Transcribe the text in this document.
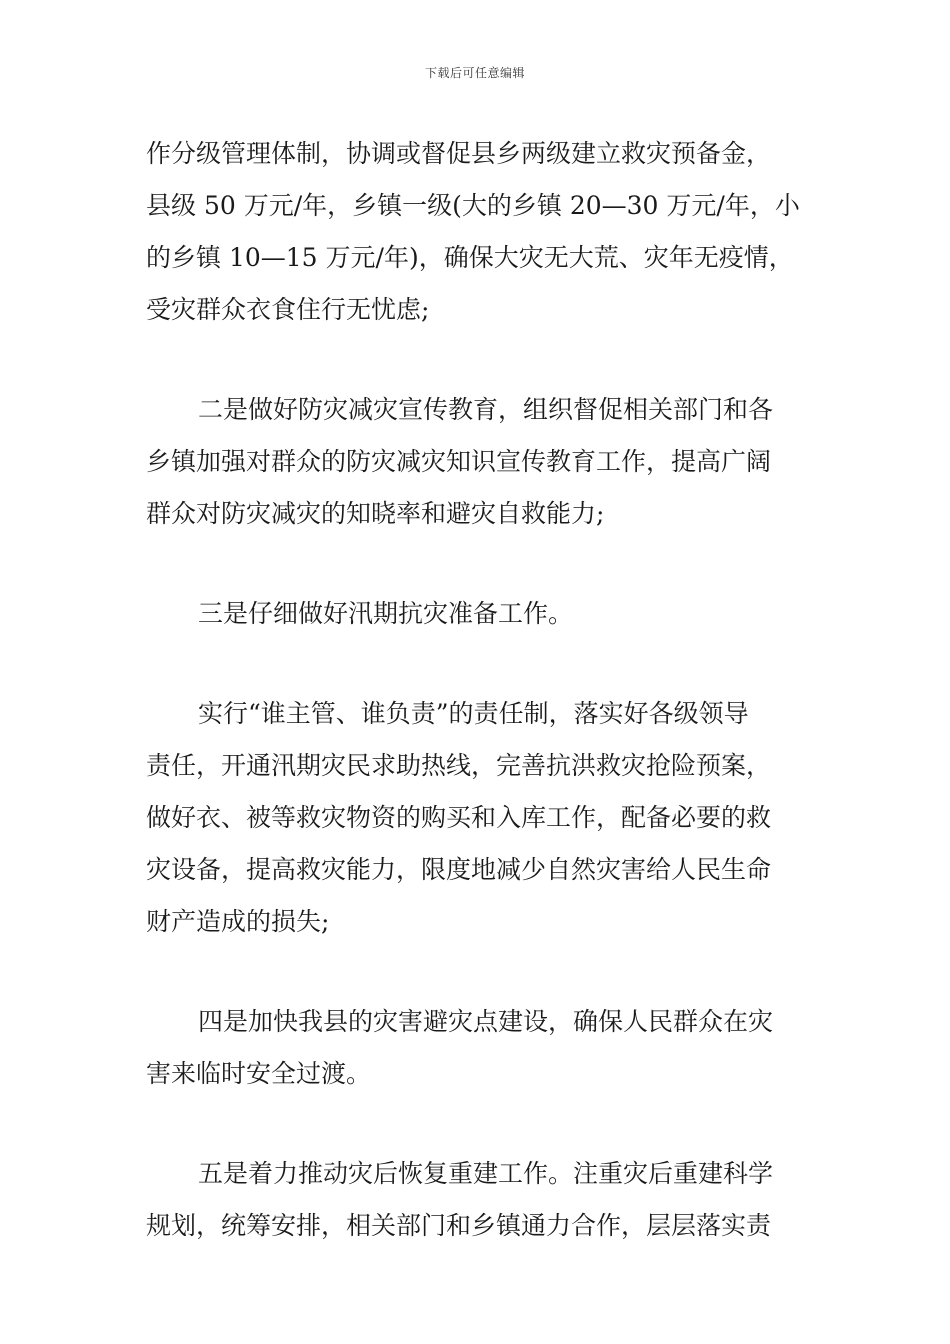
下载后可任意编辑
作分级管理体制，协调或督促县乡两级建立救灾预备金，
县级 50 万元/年，乡镇一级(大的乡镇 20—30 万元/年，小
的乡镇 10—15 万元/年)，确保大灾无大荒、灾年无疫情，
受灾群众衣食住行无忧虑;
二是做好防灾减灾宣传教育，组织督促相关部门和各
乡镇加强对群众的防灾减灾知识宣传教育工作，提高广阔
群众对防灾减灾的知晓率和避灾自救能力;
三是仔细做好汛期抗灾准备工作。
实行“谁主管、谁负责”的责任制，落实好各级领导
责任，开通汛期灾民求助热线，完善抗洪救灾抢险预案，
做好衣、被等救灾物资的购买和入库工作，配备必要的救
灾设备，提高救灾能力，限度地减少自然灾害给人民生命
财产造成的损失;
四是加快我县的灾害避灾点建设，确保人民群众在灾
害来临时安全过渡。
五是着力推动灾后恢复重建工作。注重灾后重建科学
规划，统筹安排，相关部门和乡镇通力合作，层层落实责
